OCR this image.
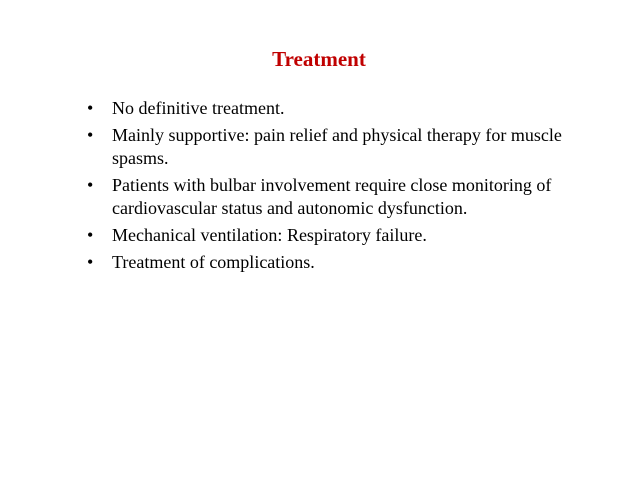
Treatment
• No definitive treatment.
• Mainly supportive: pain relief and physical therapy for muscle spasms.
• Patients with bulbar involvement require close monitoring of cardiovascular status and autonomic dysfunction.
• Mechanical ventilation: Respiratory failure.
• Treatment of complications.
